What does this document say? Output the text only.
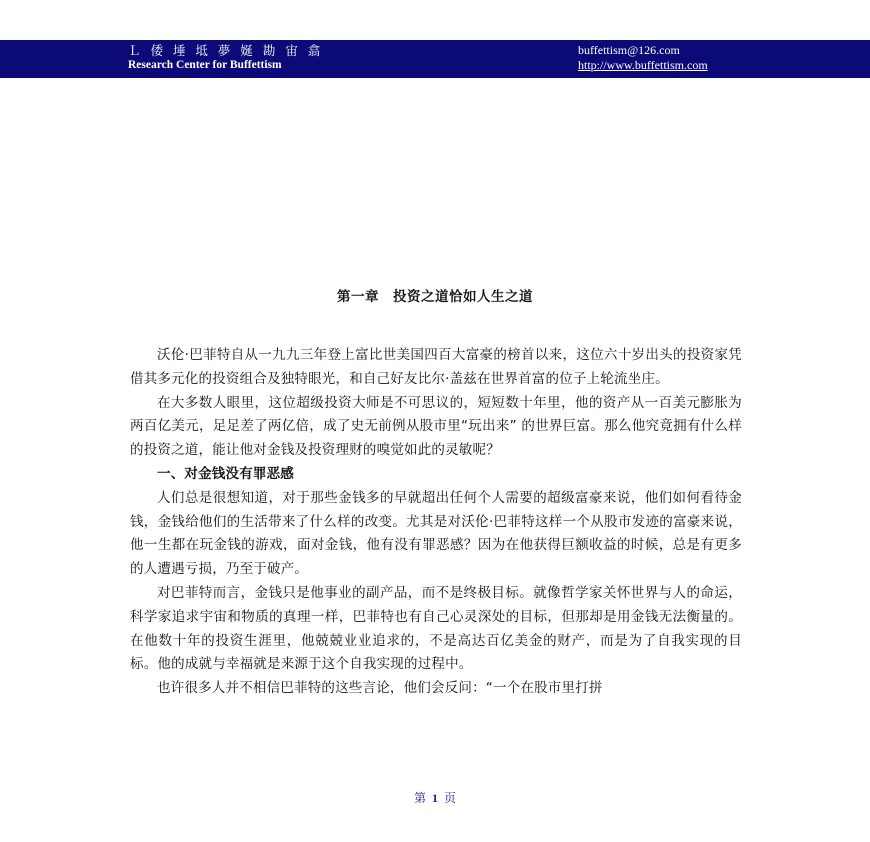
Ｌ 倭 埵 坻 夢 娫 勘 宙 翕
Research Center for Buffettism
buffettism@126.com
http://www.buffettism.com
第一章　投资之道恰如人生之道

沃伦·巴菲特自从一九九三年登上富比世美国四百大富豪的榜首以来，这位六十岁出头的投资家凭借其多元化的投资组合及独特眼光，和自己好友比尔·盖兹在世界首富的位子上轮流坐庄。

在大多数人眼里，这位超级投资大师是不可思议的，短短数十年里，他的资产从一百美元膨胀为两百亿美元，足足差了两亿倍，成了史无前例从股市里“玩出来” 的世界巨富。那么他究竟拥有什么样的投资之道，能让他对金钱及投资理财的嗅觉如此的灵敏呢？

一、对金钱没有罪恶感

人们总是很想知道，对于那些金钱多的早就超出任何个人需要的超级富豪来说，他们如何看待金钱，金钱给他们的生活带来了什么样的改变。尤其是对沃伦·巴菲特这样一个从股市发迹的富豪来说，他一生都在玩金钱的游戏，面对金钱，他有没有罪恶感？因为在他获得巨额收益的时候，总是有更多的人遭遇亏损，乃至于破产。

对巴菲特而言，金钱只是他事业的副产品，而不是终极目标。就像哲学家关怀世界与人的命运，科学家追求宇宙和物质的真理一样，巴菲特也有自己心灵深处的目标，但那却是用金钱无法衡量的。在他数十年的投资生涯里，他兢兢业业追求的，不是高达百亿美金的财产，而是为了自我实现的目标。他的成就与幸福就是来源于这个自我实现的过程中。

也许很多人并不相信巴菲特的这些言论，他们会反问：“一个在股市里打拼

第 1 页
